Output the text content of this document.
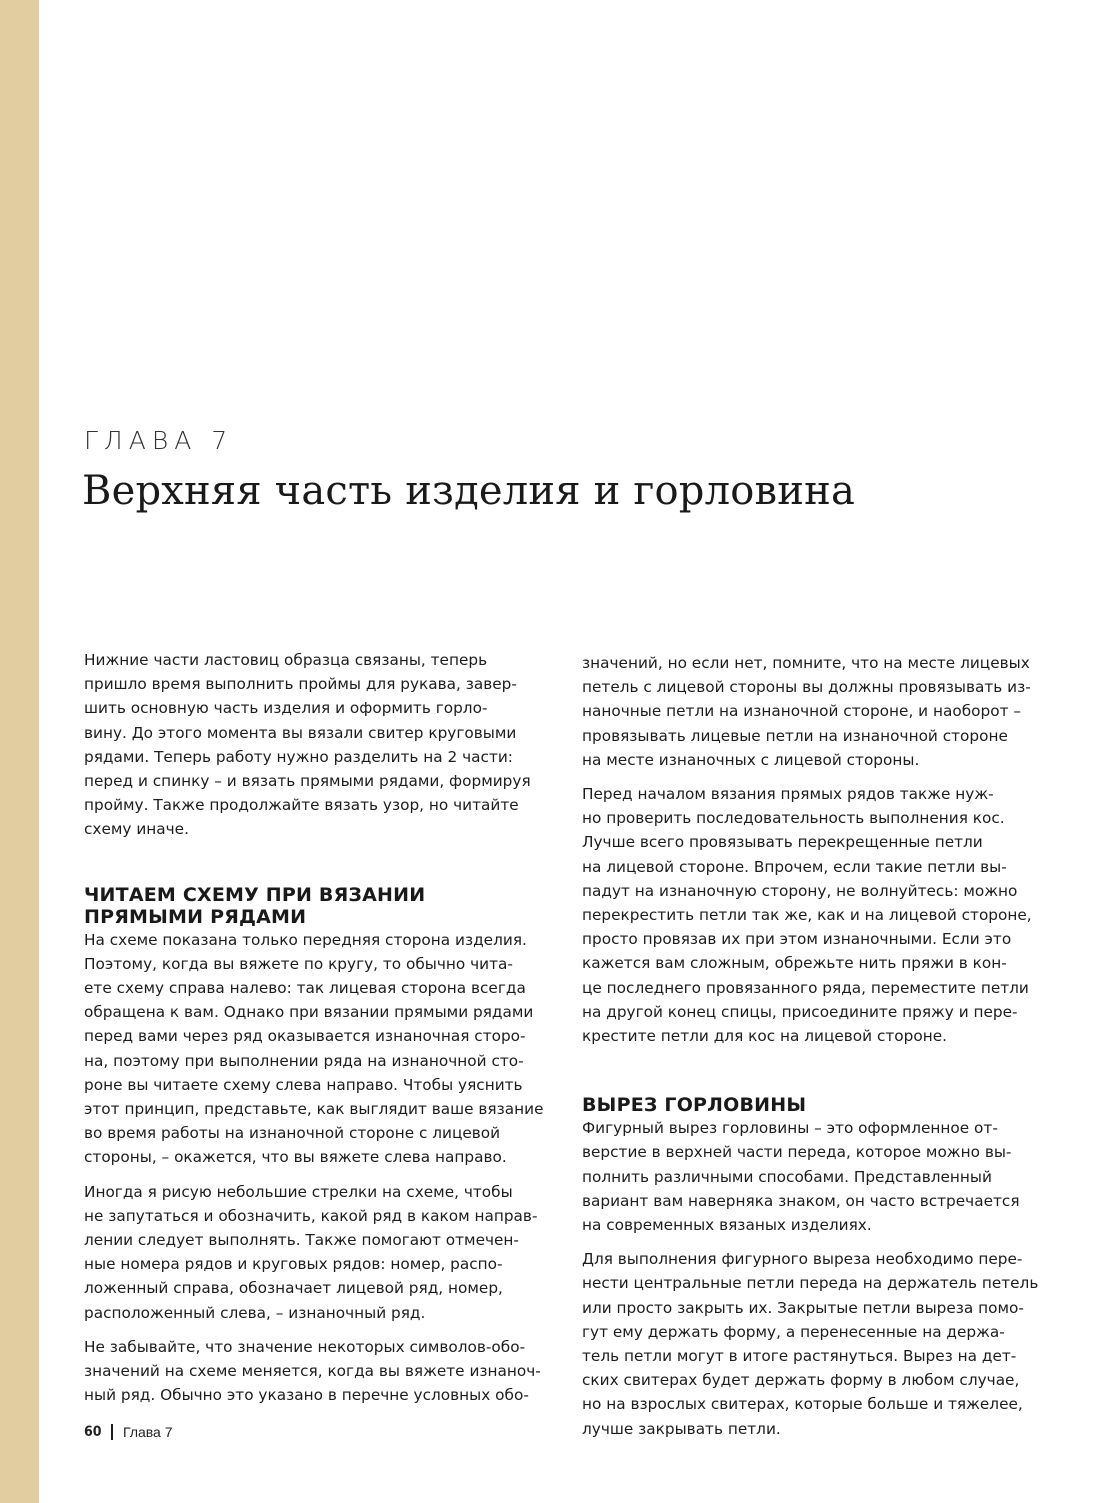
ГЛАВА 7
Верхняя часть изделия и горловина

Нижние части ластовиц образца связаны, теперь
пришло время выполнить проймы для рукава, завер-
шить основную часть изделия и оформить горло-
вину. До этого момента вы вязали свитер круговыми
рядами. Теперь работу нужно разделить на 2 части:
перед и спинку – и вязать прямыми рядами, формируя
пройму. Также продолжайте вязать узор, но читайте
схему иначе.

ЧИТАЕМ СХЕМУ ПРИ ВЯЗАНИИ
ПРЯМЫМИ РЯДАМИ

На схеме показана только передняя сторона изделия.
Поэтому, когда вы вяжете по кругу, то обычно чита-
ете схему справа налево: так лицевая сторона всегда
обращена к вам. Однако при вязании прямыми рядами
перед вами через ряд оказывается изнаночная сторо-
на, поэтому при выполнении ряда на изнаночной сто-
роне вы читаете схему слева направо. Чтобы уяснить
этот принцип, представьте, как выглядит ваше вязание
во время работы на изнаночной стороне с лицевой
стороны, – окажется, что вы вяжете слева направо.

Иногда я рисую небольшие стрелки на схеме, чтобы
не запутаться и обозначить, какой ряд в каком направ-
лении следует выполнять. Также помогают отмечен-
ные номера рядов и круговых рядов: номер, распо-
ложенный справа, обозначает лицевой ряд, номер,
расположенный слева, – изнаночный ряд.

Не забывайте, что значение некоторых символов-обо-
значений на схеме меняется, когда вы вяжете изнаноч-
ный ряд. Обычно это указано в перечне условных обо-

значений, но если нет, помните, что на месте лицевых
петель с лицевой стороны вы должны провязывать из-
наночные петли на изнаночной стороне, и наоборот –
провязывать лицевые петли на изнаночной стороне
на месте изнаночных с лицевой стороны.

Перед началом вязания прямых рядов также нуж-
но проверить последовательность выполнения кос.
Лучше всего провязывать перекрещенные петли
на лицевой стороне. Впрочем, если такие петли вы-
падут на изнаночную сторону, не волнуйтесь: можно
перекрестить петли так же, как и на лицевой стороне,
просто провязав их при этом изнаночными. Если это
кажется вам сложным, обрежьте нить пряжи в кон-
це последнего провязанного ряда, переместите петли
на другой конец спицы, присоедините пряжу и пере-
крестите петли для кос на лицевой стороне.

ВЫРЕЗ ГОРЛОВИНЫ

Фигурный вырез горловины – это оформленное от-
верстие в верхней части переда, которое можно вы-
полнить различными способами. Представленный
вариант вам наверняка знаком, он часто встречается
на современных вязаных изделиях.

Для выполнения фигурного выреза необходимо пере-
нести центральные петли переда на держатель петель
или просто закрыть их. Закрытые петли выреза помо-
гут ему держать форму, а перенесенные на держа-
тель петли могут в итоге растянуться. Вырез на дет-
ских свитерах будет держать форму в любом случае,
но на взрослых свитерах, которые больше и тяжелее,
лучше закрывать петли.

60 Глава 7
